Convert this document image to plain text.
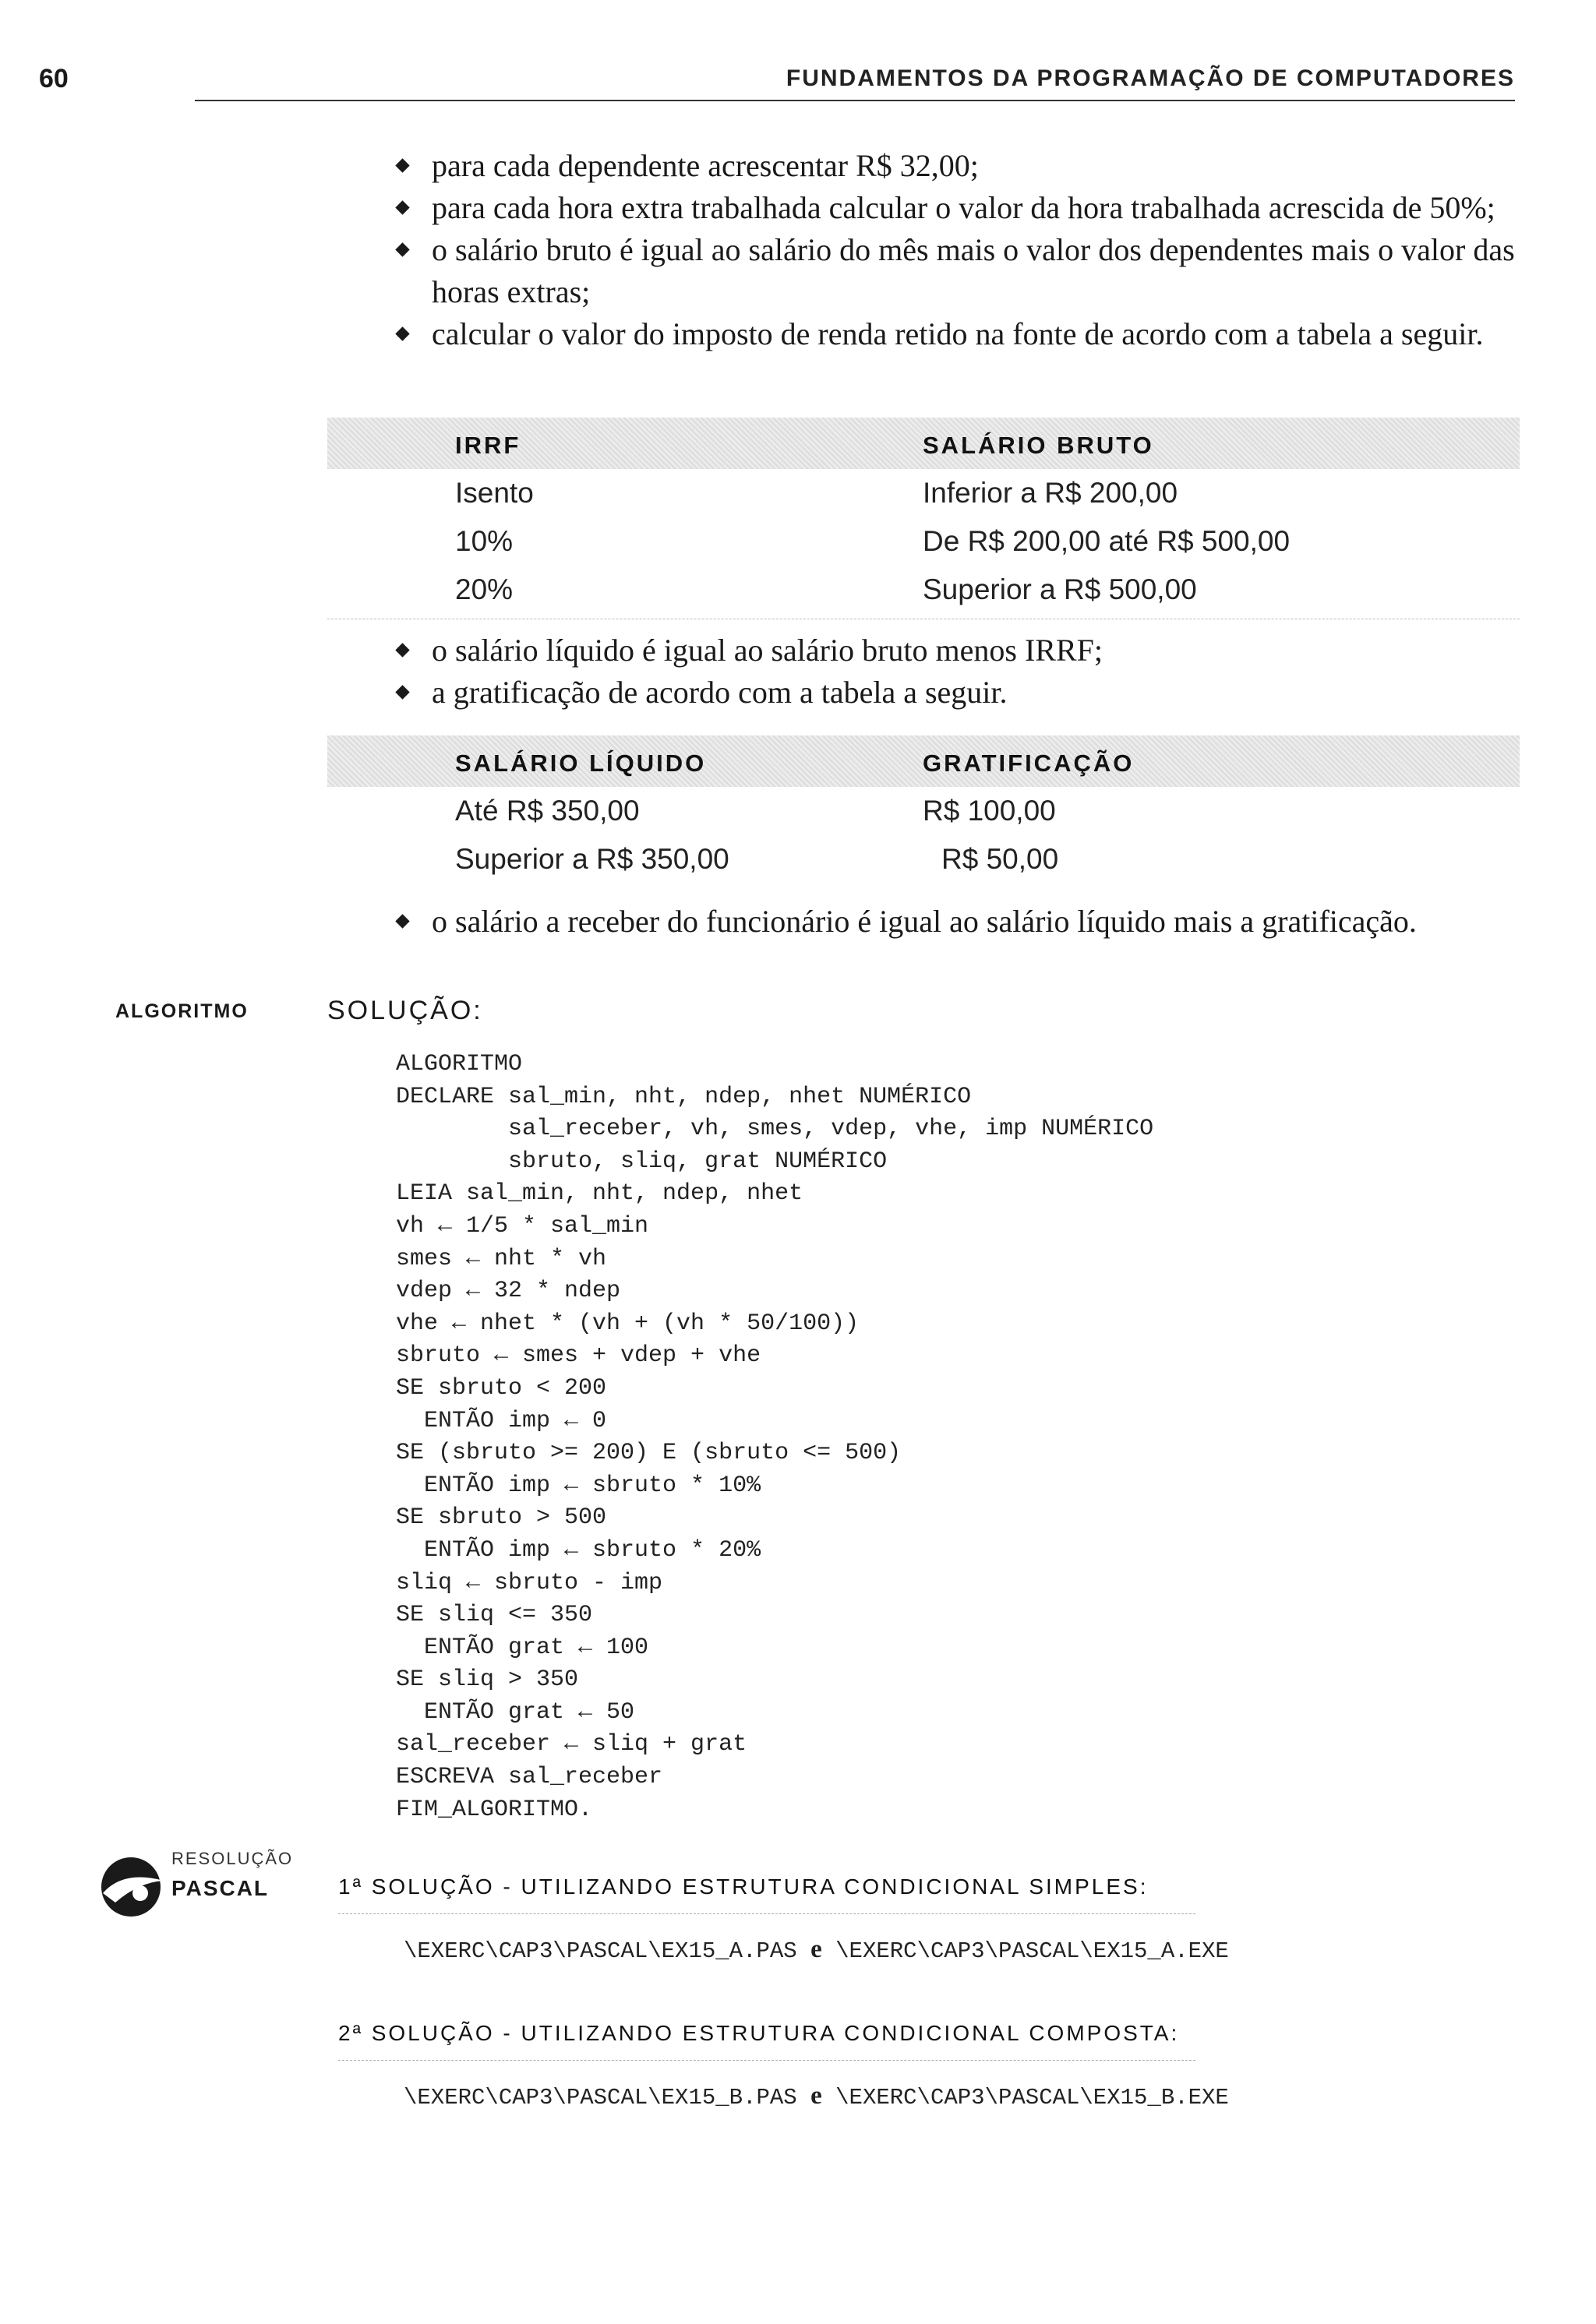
60	FUNDAMENTOS DA PROGRAMAÇÃO DE COMPUTADORES

para cada dependente acrescentar R$ 32,00;

para cada hora extra trabalhada calcular o valor da hora trabalhada acrescida de 50%;

o salário bruto é igual ao salário do mês mais o valor dos dependentes mais o valor das horas extras;

calcular o valor do imposto de renda retido na fonte de acordo com a tabela a seguir.

IRRF	SALÁRIO BRUTO
Isento	Inferior a R$ 200,00
10%	De R$ 200,00 até R$ 500,00
20%	Superior a R$ 500,00

o salário líquido é igual ao salário bruto menos IRRF;

a gratificação de acordo com a tabela a seguir.

SALÁRIO LÍQUIDO	GRATIFICAÇÃO
Até R$ 350,00	R$ 100,00
Superior a R$ 350,00	R$ 50,00

o salário a receber do funcionário é igual ao salário líquido mais a gratificação.

ALGORITMO	SOLUÇÃO:
ALGORITMO
DECLARE sal_min, nht, ndep, nhet NUMÉRICO
sal_receber, vh, smes, vdep, vhe, imp NUMÉRICO
sbruto, sliq, grat NUMÉRICO
LEIA sal_min, nht, ndep, nhet
vh ← 1/5 * sal_min
smes ← nht * vh
vdep ← 32 * ndep
vhe ← nhet * (vh + (vh * 50/100))
sbruto ← smes + vdep + vhe
SE sbruto < 200
ENTÃO imp ← 0
SE (sbruto >= 200) E (sbruto <= 500)
ENTÃO imp ← sbruto * 10%
SE sbruto > 500
ENTÃO imp ← sbruto * 20%
sliq ← sbruto - imp
SE sliq <= 350
ENTÃO grat ← 100
SE sliq > 350
ENTÃO grat ← 50
sal_receber ← sliq + grat
ESCREVA sal_receber
FIM_ALGORITMO.
RESOLUÇÃO
PASCAL	1ª SOLUÇÃO - UTILIZANDO ESTRUTURA CONDICIONAL SIMPLES:
\EXERC\CAP3\PASCAL\EX15_A.PAS e \EXERC\CAP3\PASCAL\EX15_A.EXE
2ª SOLUÇÃO - UTILIZANDO ESTRUTURA CONDICIONAL COMPOSTA:
\EXERC\CAP3\PASCAL\EX15_B.PAS e \EXERC\CAP3\PASCAL\EX15_B.EXE
